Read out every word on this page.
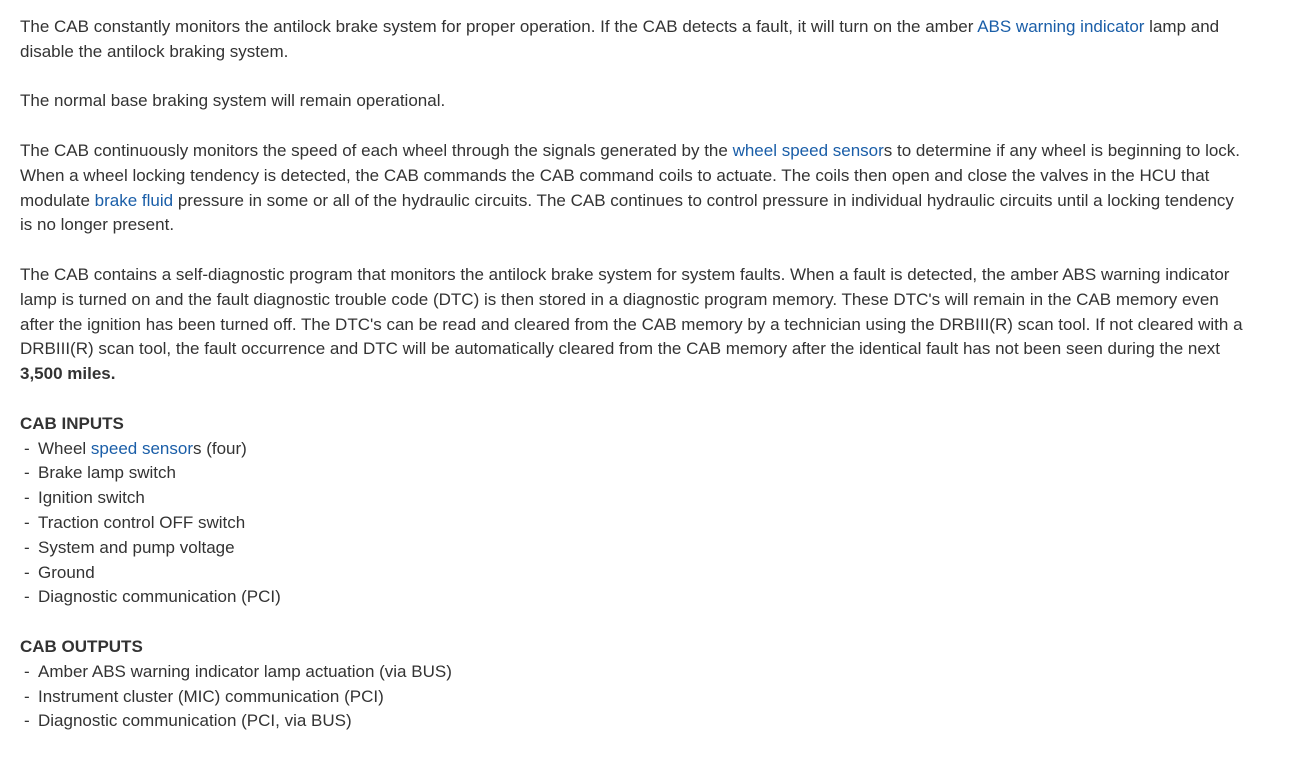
The CAB constantly monitors the antilock brake system for proper operation. If the CAB detects a fault, it will turn on the amber ABS warning indicator lamp and disable the antilock braking system.

The normal base braking system will remain operational.

The CAB continuously monitors the speed of each wheel through the signals generated by the wheel speed sensors to determine if any wheel is beginning to lock. When a wheel locking tendency is detected, the CAB commands the CAB command coils to actuate. The coils then open and close the valves in the HCU that modulate brake fluid pressure in some or all of the hydraulic circuits. The CAB continues to control pressure in individual hydraulic circuits until a locking tendency is no longer present.

The CAB contains a self-diagnostic program that monitors the antilock brake system for system faults. When a fault is detected, the amber ABS warning indicator lamp is turned on and the fault diagnostic trouble code (DTC) is then stored in a diagnostic program memory. These DTC's will remain in the CAB memory even after the ignition has been turned off. The DTC's can be read and cleared from the CAB memory by a technician using the DRBIII(R) scan tool. If not cleared with a DRBIII(R) scan tool, the fault occurrence and DTC will be automatically cleared from the CAB memory after the identical fault has not been seen during the next 3,500 miles.

CAB INPUTS
- Wheel speed sensors (four)
- Brake lamp switch
- Ignition switch
- Traction control OFF switch
- System and pump voltage
- Ground
- Diagnostic communication (PCI)
CAB OUTPUTS
- Amber ABS warning indicator lamp actuation (via BUS)
- Instrument cluster (MIC) communication (PCI)
- Diagnostic communication (PCI, via BUS)
